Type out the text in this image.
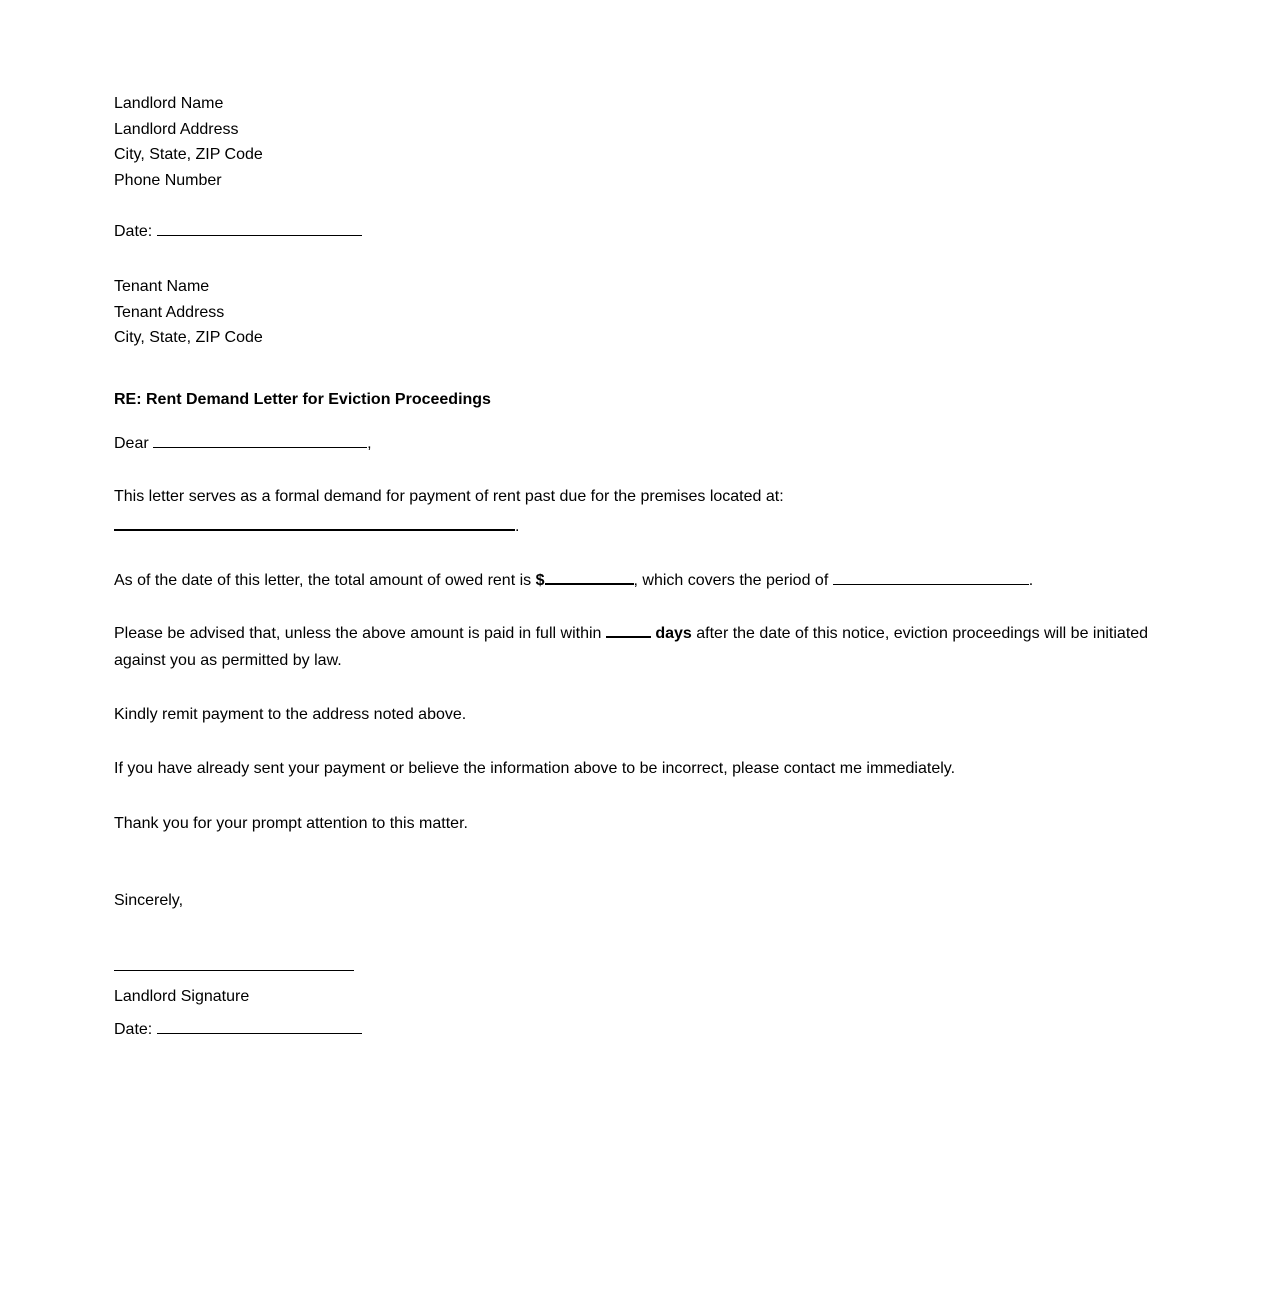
Landlord Name
Landlord Address
City, State, ZIP Code
Phone Number
Date:
Tenant Name
Tenant Address
City, State, ZIP Code
RE: Rent Demand Letter for Eviction Proceedings
Dear	,
This letter serves as a formal demand for payment of rent past due for the premises located at:
.
As of the date of this letter, the total amount of owed rent is $	, which covers the period of	.
Please be advised that, unless the above amount is paid in full within	days after the date of this notice, eviction proceedings will be initiated against you as permitted by law.
Kindly remit payment to the address noted above.
If you have already sent your payment or believe the information above to be incorrect, please contact me immediately.
Thank you for your prompt attention to this matter.
Sincerely,
Landlord Signature
Date:
